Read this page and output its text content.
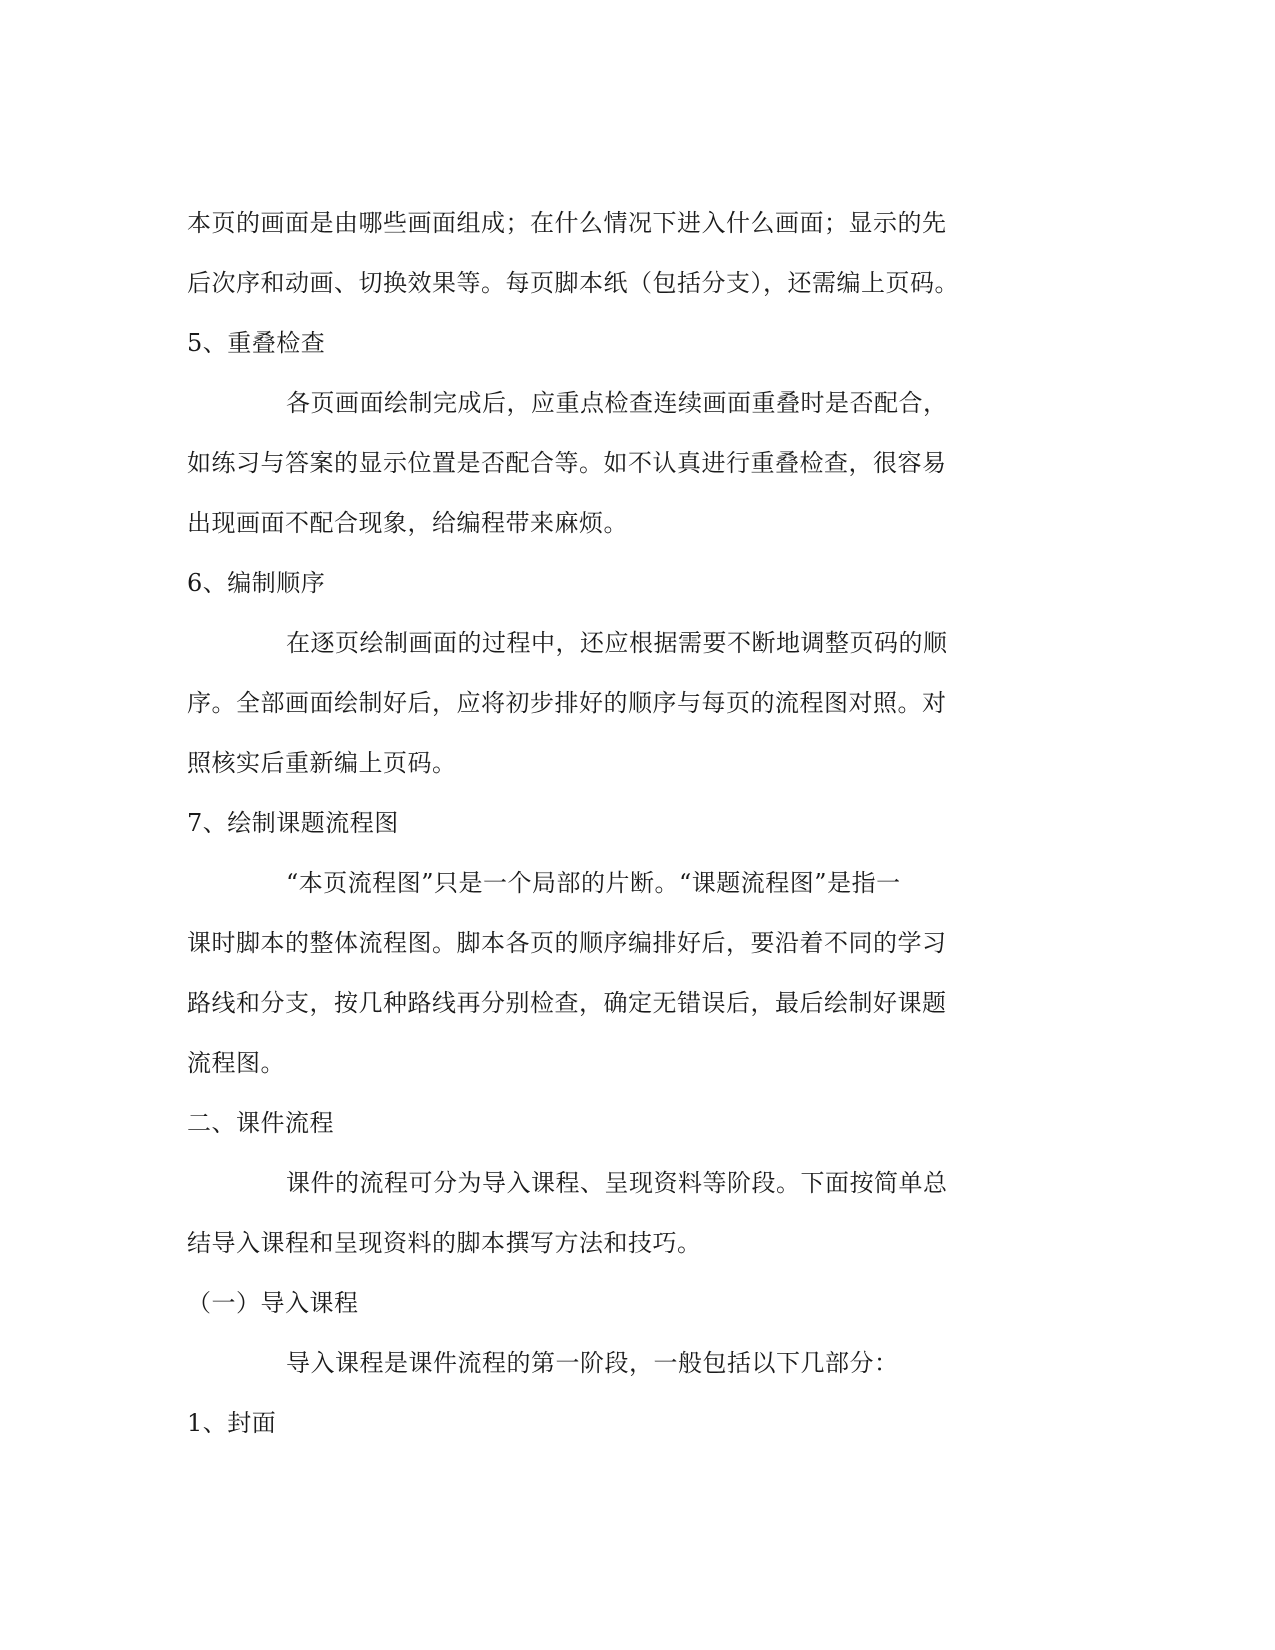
本页的画面是由哪些画面组成；在什么情况下进入什么画面；显示的先
后次序和动画、切换效果等。每页脚本纸（包括分支），还需编上页码。
5、重叠检查
各页画面绘制完成后，应重点检查连续画面重叠时是否配合，
如练习与答案的显示位置是否配合等。如不认真进行重叠检查，很容易
出现画面不配合现象，给编程带来麻烦。
6、编制顺序
在逐页绘制画面的过程中，还应根据需要不断地调整页码的顺
序。全部画面绘制好后，应将初步排好的顺序与每页的流程图对照。对
照核实后重新编上页码。
7、绘制课题流程图
“本页流程图”只是一个局部的片断。“课题流程图”是指一
课时脚本的整体流程图。脚本各页的顺序编排好后，要沿着不同的学习
路线和分支，按几种路线再分别检查，确定无错误后，最后绘制好课题
流程图。
二、课件流程
课件的流程可分为导入课程、呈现资料等阶段。下面按简单总
结导入课程和呈现资料的脚本撰写方法和技巧。
（一）导入课程
导入课程是课件流程的第一阶段，一般包括以下几部分：
1、封面
